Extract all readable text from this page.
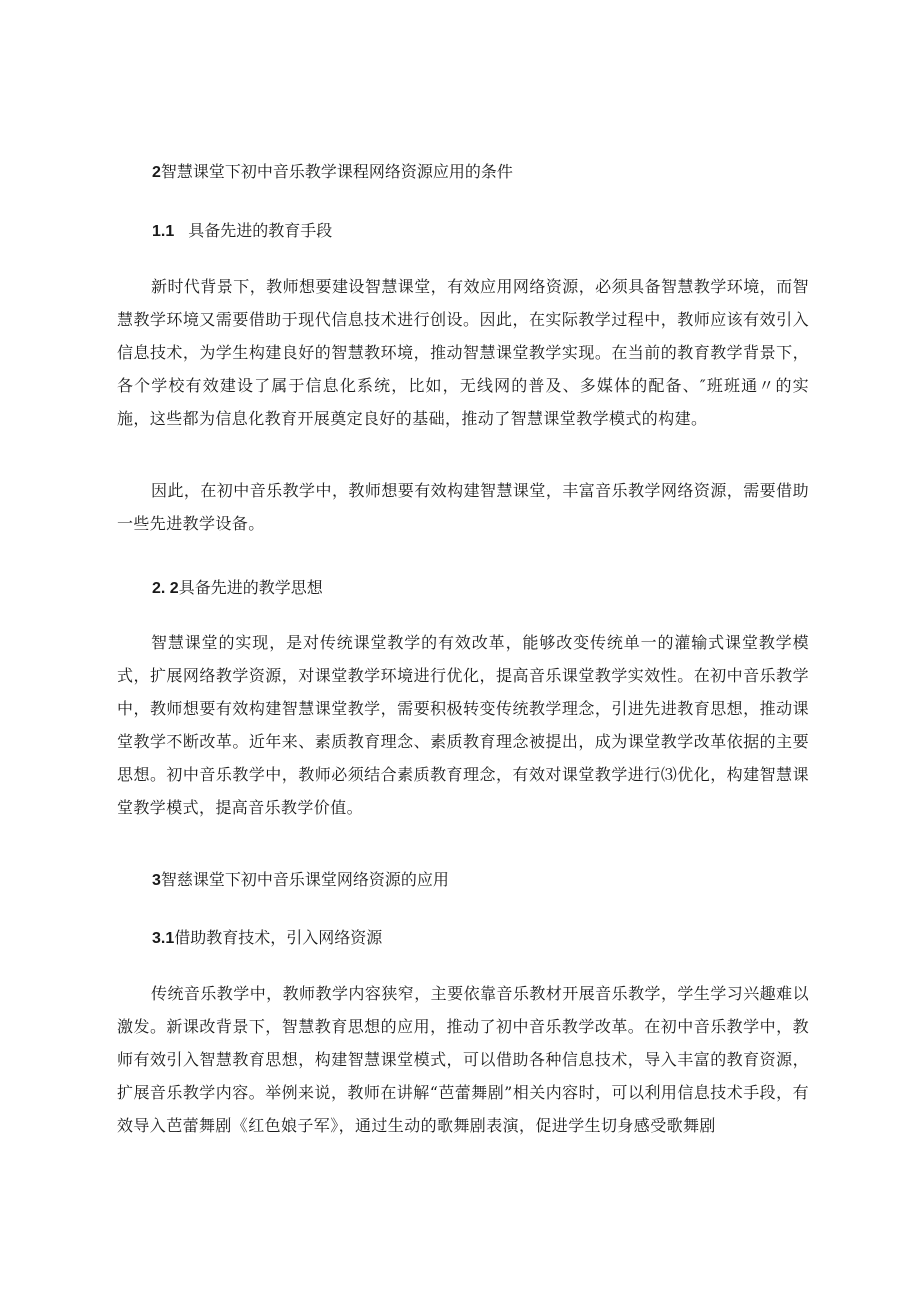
2智慧课堂下初中音乐教学课程网络资源应用的条件
1.1 具备先进的教育手段

新时代背景下，教师想要建设智慧课堂，有效应用网络资源，必须具备智慧教学环境，而智慧教学环境又需要借助于现代信息技术进行创设。因此，在实际教学过程中，教师应该有效引入信息技术，为学生构建良好的智慧教环境，推动智慧课堂教学实现。在当前的教育教学背景下，各个学校有效建设了属于信息化系统，比如，无线网的普及、多媒体的配备、″班班通〃的实施，这些都为信息化教育开展奠定良好的基础，推动了智慧课堂教学模式的构建。

因此，在初中音乐教学中，教师想要有效构建智慧课堂，丰富音乐教学网络资源，需要借助一些先进教学设备。

2. 2具备先进的教学思想

智慧课堂的实现，是对传统课堂教学的有效改革，能够改变传统单一的灌输式课堂教学模式，扩展网络教学资源，对课堂教学环境进行优化，提高音乐课堂教学实效性。在初中音乐教学中，教师想要有效构建智慧课堂教学，需要积极转变传统教学理念，引进先进教育思想，推动课堂教学不断改革。近年来、素质教育理念、素质教育理念被提出，成为课堂教学改革依据的主要思想。初中音乐教学中，教师必须结合素质教育理念，有效对课堂教学进行⑶优化，构建智慧课堂教学模式，提高音乐教学价值。

3智慈课堂下初中音乐课堂网络资源的应用
3.1借助教育技术，引入网络资源

传统音乐教学中，教师教学内容狭窄，主要依靠音乐教材开展音乐教学，学生学习兴趣难以激发。新课改背景下，智慧教育思想的应用，推动了初中音乐教学改革。在初中音乐教学中，教师有效引入智慧教育思想，构建智慧课堂模式，可以借助各种信息技术，导入丰富的教育资源，扩展音乐教学内容。举例来说，教师在讲解“芭蕾舞剧”相关内容时，可以利用信息技术手段，有效导入芭蕾舞剧《红色娘子军》，通过生动的歌舞剧表演，促进学生切身感受歌舞剧
